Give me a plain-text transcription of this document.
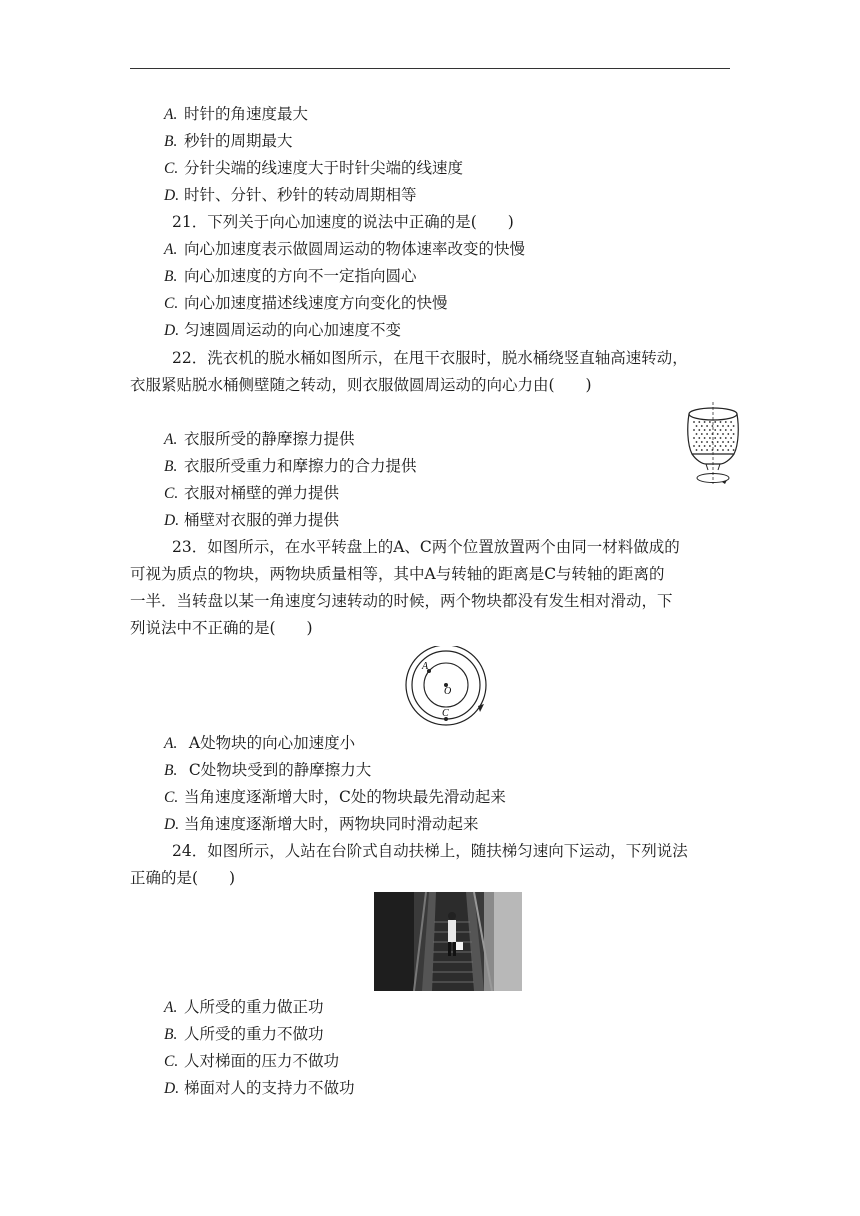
A. 时针的角速度最大
B. 秒针的周期最大
C. 分针尖端的线速度大于时针尖端的线速度
D. 时针、分针、秒针的转动周期相等
21．下列关于向心加速度的说法中正确的是(　　)
A. 向心加速度表示做圆周运动的物体速率改变的快慢
B. 向心加速度的方向不一定指向圆心
C. 向心加速度描述线速度方向变化的快慢
D. 匀速圆周运动的向心加速度不变
22．洗衣机的脱水桶如图所示，在甩干衣服时，脱水桶绕竖直轴高速转动，
衣服紧贴脱水桶侧壁随之转动，则衣服做圆周运动的向心力由(　　)
A. 衣服所受的静摩擦力提供
B. 衣服所受重力和摩擦力的合力提供
C. 衣服对桶壁的弹力提供
D. 桶壁对衣服的弹力提供
23．如图所示，在水平转盘上的A、C两个位置放置两个由同一材料做成的
可视为质点的物块，两物块质量相等，其中A与转轴的距离是C与转轴的距离的
一半．当转盘以某一角速度匀速转动的时候，两个物块都没有发生相对滑动，下
列说法中不正确的是(　　)
A
O
C
A. A处物块的向心加速度小
B. C处物块受到的静摩擦力大
C. 当角速度逐渐增大时，C处的物块最先滑动起来
D. 当角速度逐渐增大时，两物块同时滑动起来
24．如图所示，人站在台阶式自动扶梯上，随扶梯匀速向下运动，下列说法
正确的是(　　)
A. 人所受的重力做正功
B. 人所受的重力不做功
C. 人对梯面的压力不做功
D. 梯面对人的支持力不做功
